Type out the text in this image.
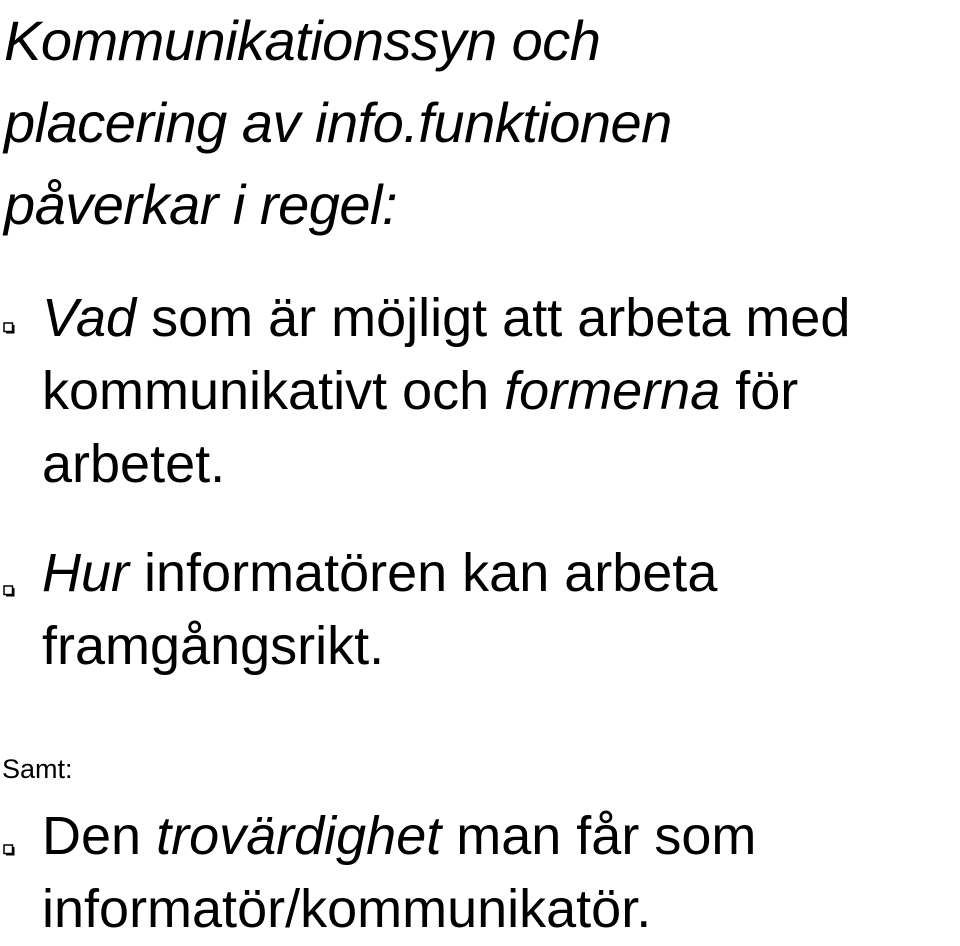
Kommunikationssyn och
placering av info.funktionen
påverkar i regel:

Vad som är möjligt att arbeta med
kommunikativt och formerna för
arbetet.

Hur informatören kan arbeta
framgångsrikt.

Samt:

Den trovärdighet man får som
informatör/kommunikatör.
